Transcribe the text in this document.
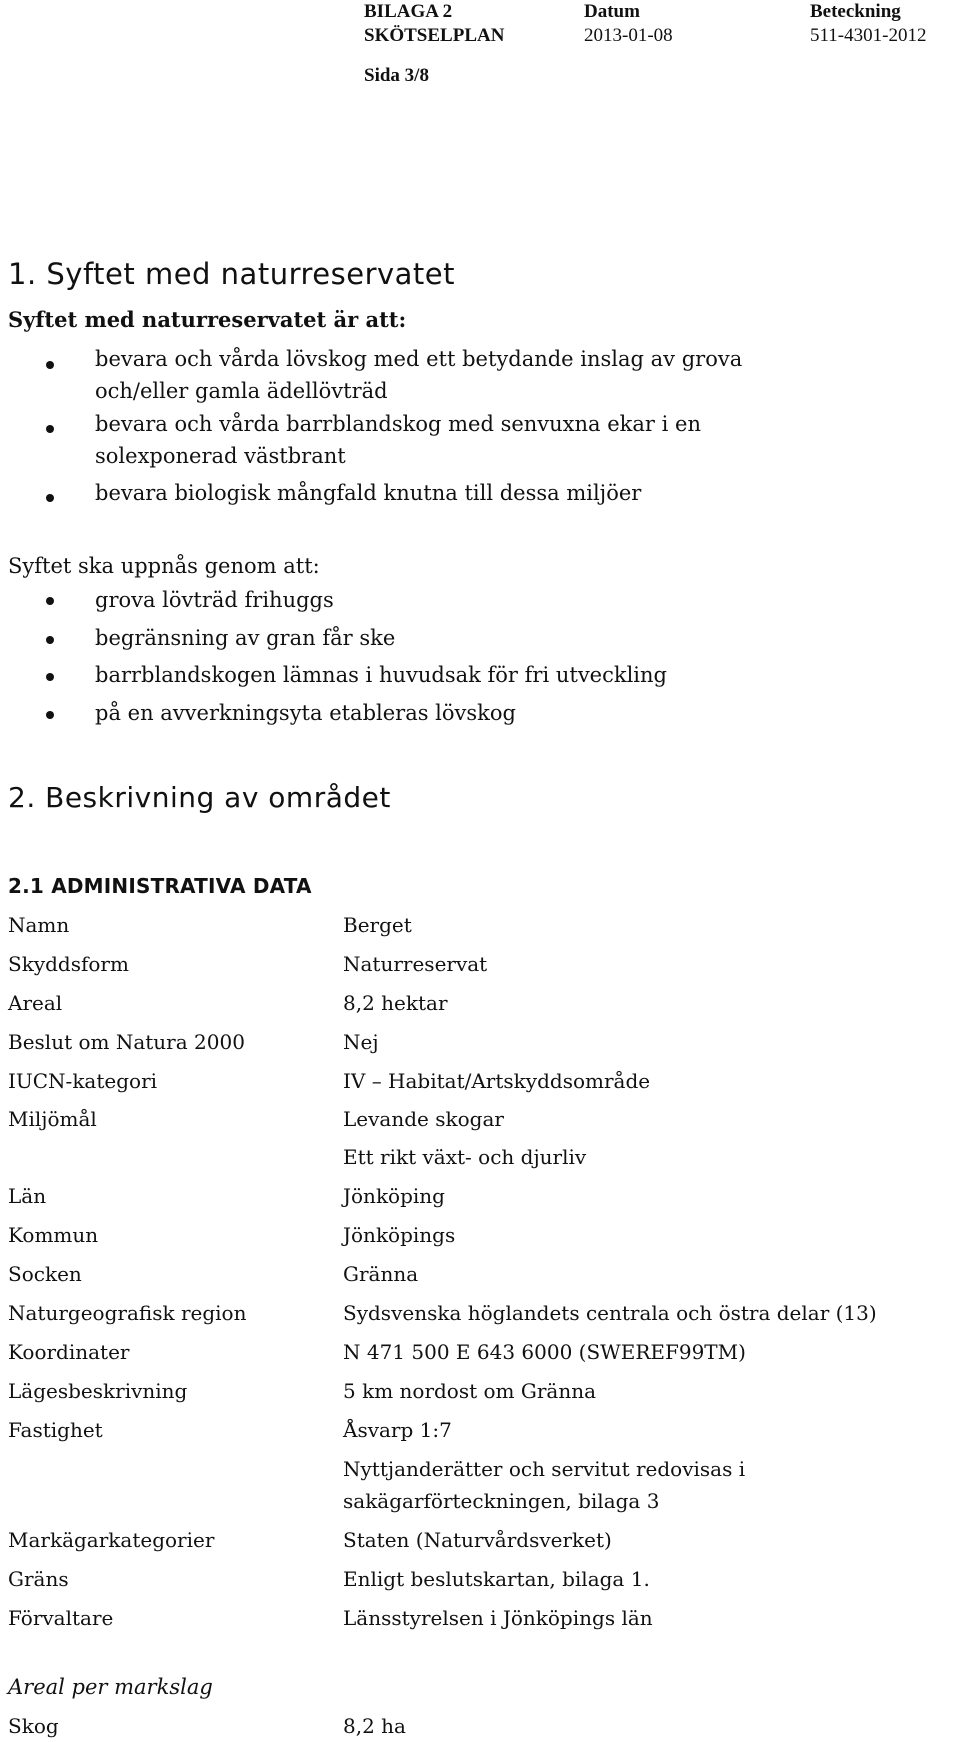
BILAGA 2
SKÖTSELPLAN
Sida 3/8
Datum
2013-01-08
Beteckning
511-4301-2012
1. Syftet med naturreservatet
Syftet med naturreservatet är att:
bevara och vårda lövskog med ett betydande inslag av grova
och/eller gamla ädellövträd
bevara och vårda barrblandskog med senvuxna ekar i en
solexponerad västbrant
bevara biologisk mångfald knutna till dessa miljöer
Syftet ska uppnås genom att:
grova lövträd frihuggs
begränsning av gran får ske
barrblandskogen lämnas i huvudsak för fri utveckling
på en avverkningsyta etableras lövskog
2. Beskrivning av området
2.1 ADMINISTRATIVA DATA
Namn	Berget
Skyddsform	Naturreservat
Areal	8,2 hektar
Beslut om Natura 2000	Nej
IUCN-kategori	IV – Habitat/Artskyddsområde
Miljömål	Levande skogar
Ett rikt växt- och djurliv
Län	Jönköping
Kommun	Jönköpings
Socken	Gränna
Naturgeografisk region	Sydsvenska höglandets centrala och östra delar (13)
Koordinater	N 471 500 E 643 6000 (SWEREF99TM)
Lägesbeskrivning	5 km nordost om Gränna
Fastighet	Åsvarp 1:7
Nyttjanderätter och servitut redovisas i
sakägarförteckningen, bilaga 3
Markägarkategorier	Staten (Naturvårdsverket)
Gräns	Enligt beslutskartan, bilaga 1.
Förvaltare	Länsstyrelsen i Jönköpings län
Areal per markslag
Skog	8,2 ha
